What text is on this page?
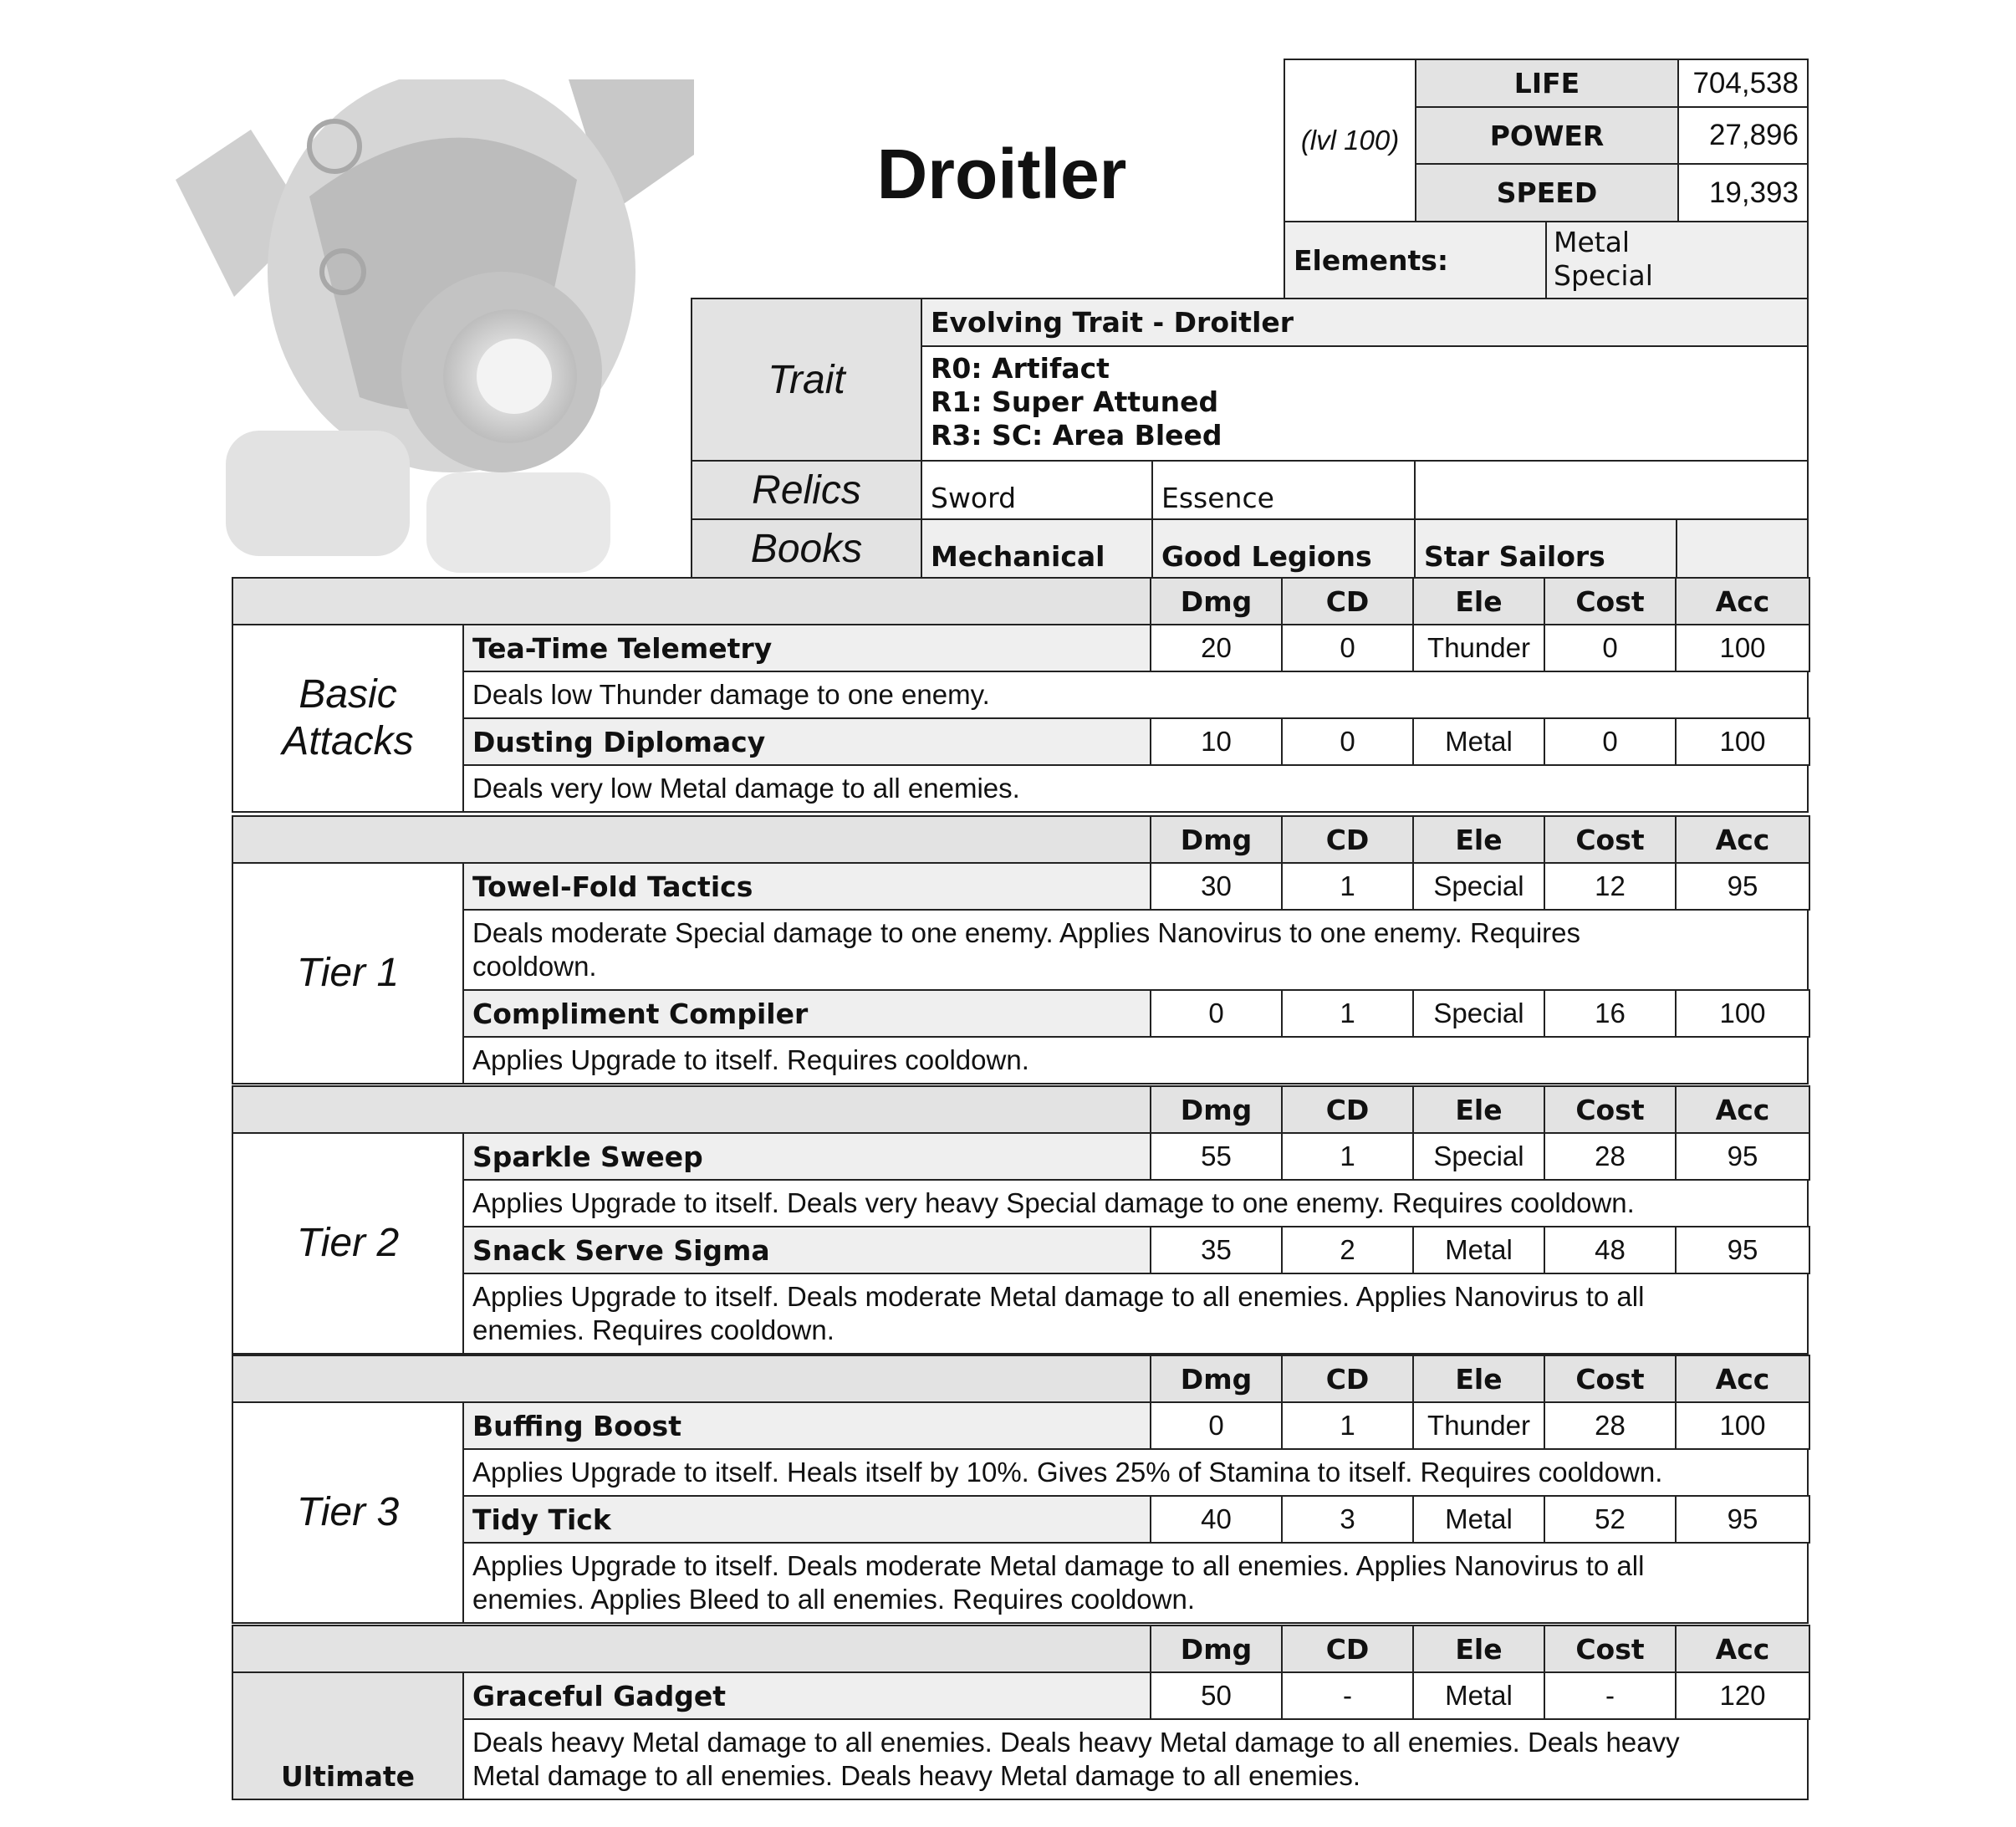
Droitler	(lvl 100)
LIFE	704,538
POWER	27,896
SPEED	19,393
Elements:
Metal
Special
Trait
Evolving Trait - Droitler
R0: Artifact
R1: Super Attuned
R3: SC: Area Bleed
Relics	Sword	Essence
Books	Mechanical	Good Legions	Star Sailors
Dmg	CD	Ele	Cost	Acc
Tea-Time Telemetry	20	0	Thunder	0	100
Deals low Thunder damage to one enemy.
Dusting Diplomacy	10	0	Metal	0	100
Deals very low Metal damage to all enemies.
Basic
Attacks
Dmg	CD	Ele	Cost	Acc
Towel-Fold Tactics	30	1	Special	12	95
Deals moderate Special damage to one enemy. Applies Nanovirus to one enemy. Requires
cooldown.
Compliment Compiler	0	1	Special	16	100
Applies Upgrade to itself. Requires cooldown.
Tier 1
Dmg	CD	Ele	Cost	Acc
Sparkle Sweep	55	1	Special	28	95
Applies Upgrade to itself. Deals very heavy Special damage to one enemy. Requires cooldown.
Snack Serve Sigma	35	2	Metal	48	95
Applies Upgrade to itself. Deals moderate Metal damage to all enemies. Applies Nanovirus to all
enemies. Requires cooldown.
Tier 2
Dmg	CD	Ele	Cost	Acc
Buffing Boost	0	1	Thunder	28	100
Applies Upgrade to itself. Heals itself by 10%. Gives 25% of Stamina to itself. Requires cooldown.
Tidy Tick	40	3	Metal	52	95
Applies Upgrade to itself. Deals moderate Metal damage to all enemies. Applies Nanovirus to all
enemies. Applies Bleed to all enemies. Requires cooldown.
Tier 3
Dmg	CD	Ele	Cost	Acc
Graceful Gadget	50	-	Metal	-	120
Deals heavy Metal damage to all enemies. Deals heavy Metal damage to all enemies. Deals heavy
Metal damage to all enemies. Deals heavy Metal damage to all enemies.
Ultimate
